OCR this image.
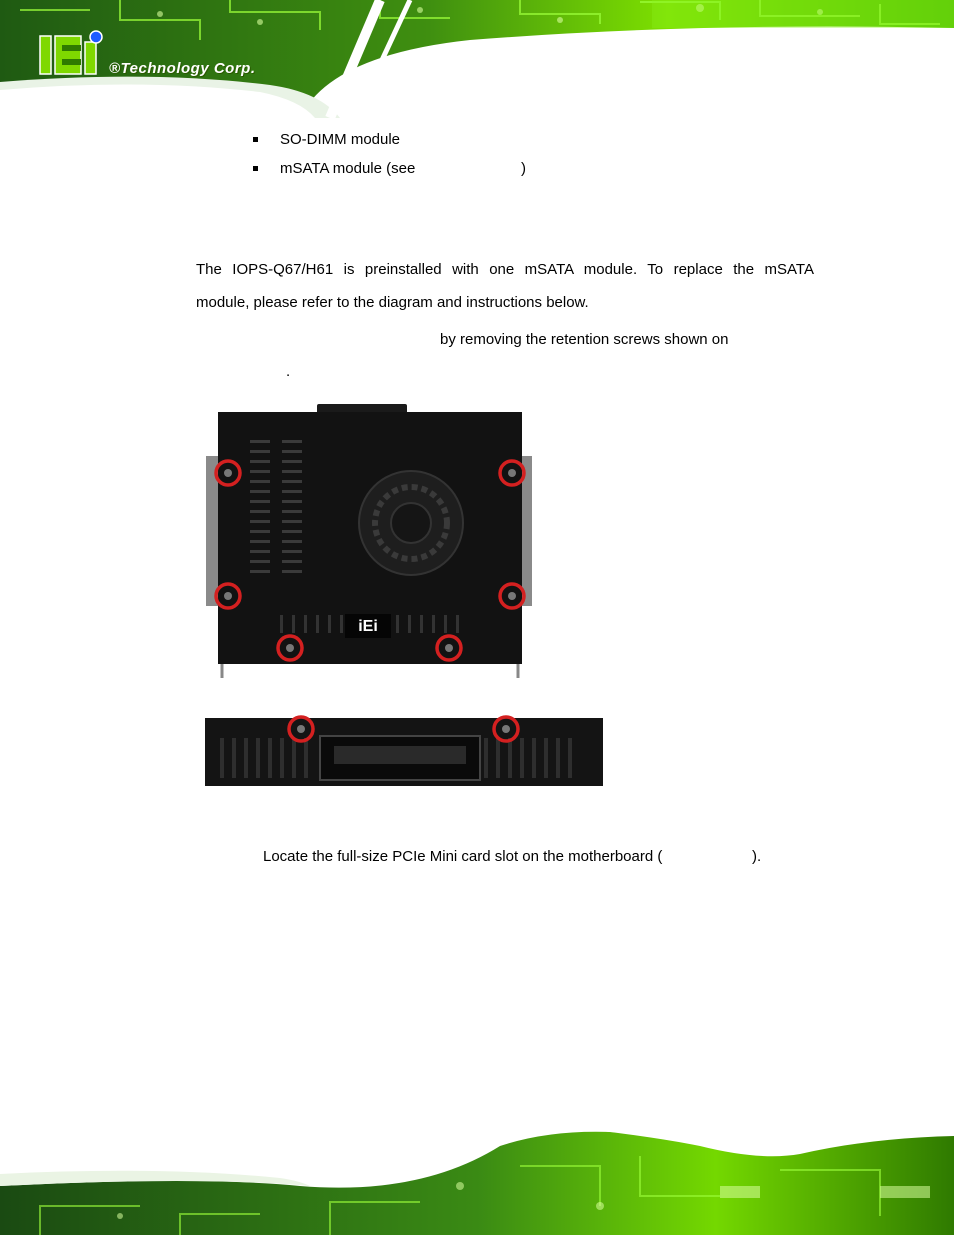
®Technology Corp.
SO-DIMM module
mSATA module (see	)
The IOPS-Q67/H61 is preinstalled with one mSATA module. To replace the mSATA
module, please refer to the diagram and instructions below.
by removing the retention screws shown on
.
iEi
Locate the full-size PCIe Mini card slot on the motherboard (	).
